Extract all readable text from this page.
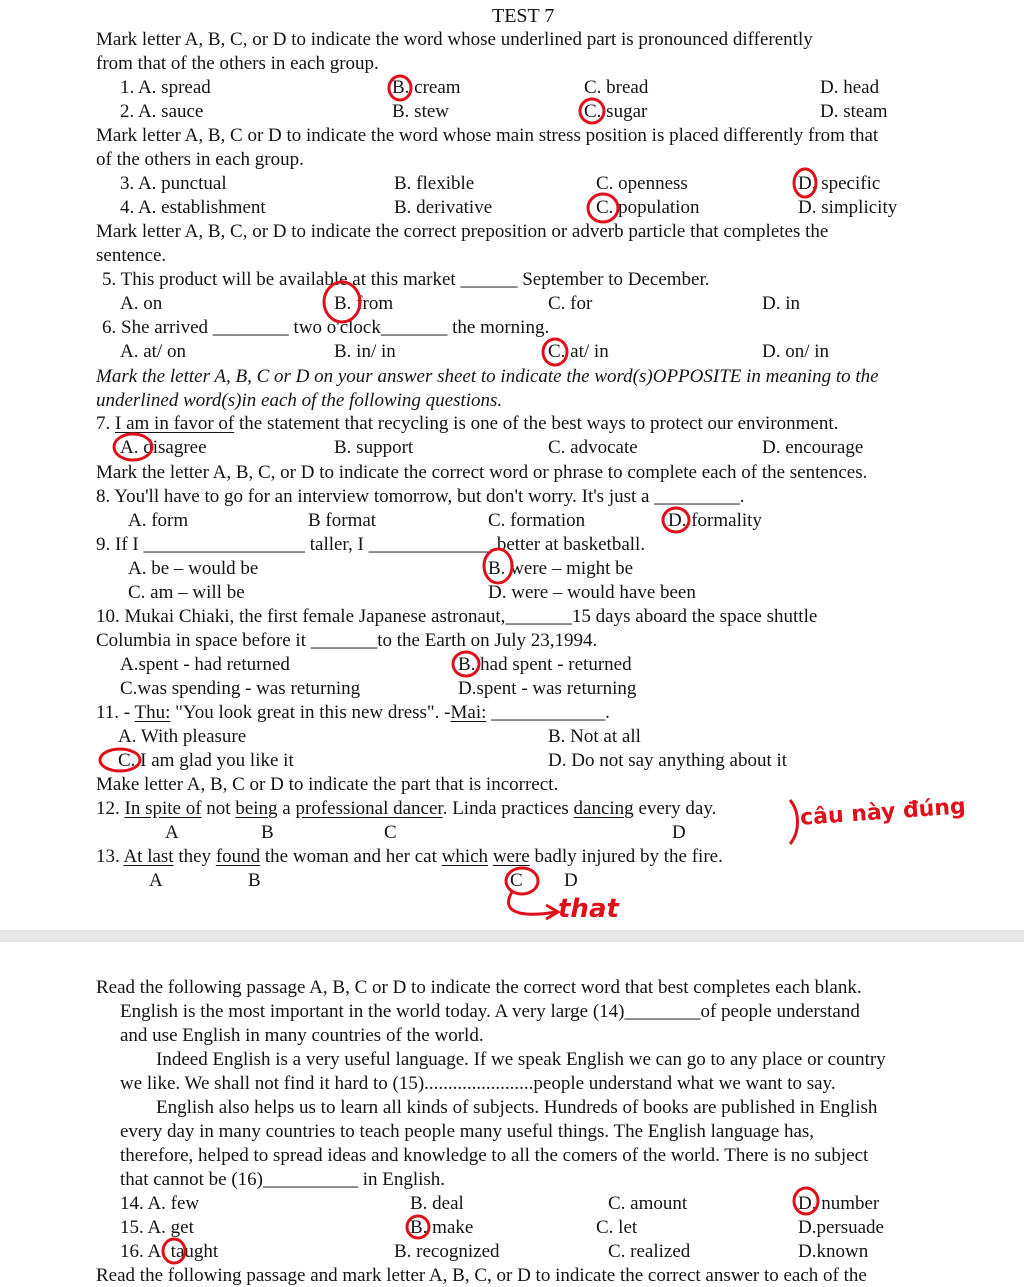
TEST 7
Mark letter A, B, C, or D to indicate the word whose underlined part is pronounced differently
from that of the others in each group.
1. A. spread	B. cream	C. bread	D. head
2. A. sauce	B. stew	C. sugar	D. steam
Mark letter A, B, C or D to indicate the word whose main stress position is placed differently from that
of the others in each group.
3. A. punctual	B. flexible	C. openness	D. specific
4. A. establishment	B. derivative	C. population	D. simplicity
Mark letter A, B, C, or D to indicate the correct preposition or adverb particle that completes the
sentence.
5. This product will be available at this market ______ September to December.
A. on	B. from	C. for	D. in
6. She arrived ________ two o'clock_______ the morning.
A. at/ on	B. in/ in	C. at/ in	D. on/ in
Mark the letter A, B, C or D on your answer sheet to indicate the word(s)OPPOSITE in meaning to the
underlined word(s)in each of the following questions.
7. I am in favor of the statement that recycling is one of the best ways to protect our environment.
A. disagree	B. support	C. advocate	D. encourage
Mark the letter A, B, C, or D to indicate the correct word or phrase to complete each of the sentences.
8. You'll have to go for an interview tomorrow, but don't worry. It's just a _________.
A. form	B format	C. formation	D. formality
9. If I _________________ taller, I _____________ better at basketball.
A. be – would be	B. were – might be
C. am – will be	D. were – would have been
10. Mukai Chiaki, the first female Japanese astronaut,_______15 days aboard the space shuttle
Columbia in space before it _______to the Earth on July 23,1994.
A.spent - had returned	B. had spent - returned
C.was spending - was returning	D.spent - was returning
11. - Thu: "You look great in this new dress". -Mai: ____________.
A. With pleasure	B. Not at all
C. I am glad you like it	D. Do not say anything about it
Make letter A, B, C or D to indicate the part that is incorrect.
12. In spite of not being a professional dancer. Linda practices dancing every day.
A	B	C	D
13. At last they found the woman and her cat which were badly injured by the fire.
A	B	C D
câu này đúng
that
Read the following passage A, B, C or D to indicate the correct word that best completes each blank.
English is the most important in the world today. A very large (14)________of people understand
and use English in many countries of the world.
Indeed English is a very useful language. If we speak English we can go to any place or country
we like. We shall not find it hard to (15).......................people understand what we want to say.
English also helps us to learn all kinds of subjects. Hundreds of books are published in English
every day in many countries to teach people many useful things. The English language has,
therefore, helped to spread ideas and knowledge to all the comers of the world. There is no subject
that cannot be (16)__________ in English.
14. A. few	B. deal	C. amount	D. number
15. A. get	B. make	C. let	D.persuade
16. A. taught	B. recognized	C. realized	D.known
Read the following passage and mark letter A, B, C, or D to indicate the correct answer to each of the
